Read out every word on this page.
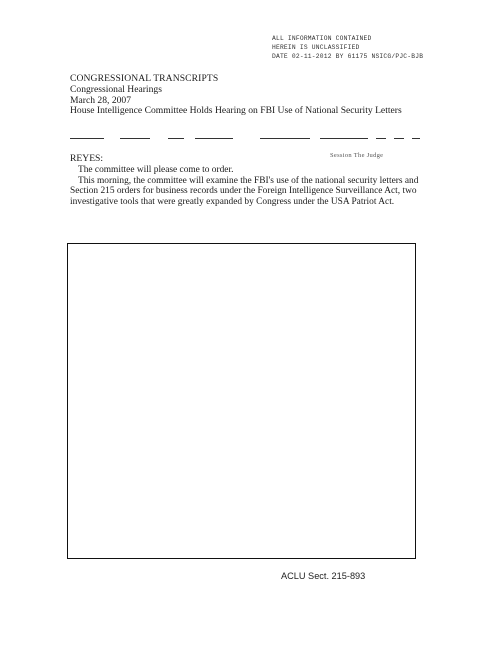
ALL INFORMATION CONTAINED
HEREIN IS UNCLASSIFIED
DATE 02-11-2012 BY 61175 NSICG/PJC-BJB
CONGRESSIONAL TRANSCRIPTS
Congressional Hearings
March 28, 2007
House Intelligence Committee Holds Hearing on FBI Use of National Security Letters
REYES:	Session The Judge

The committee will please come to order.

This morning, the committee will examine the FBI's use of the national security letters and Section 215 orders for business records under the Foreign Intelligence Surveillance Act, two investigative tools that were greatly expanded by Congress under the USA Patriot Act.

ACLU Sect. 215-893
